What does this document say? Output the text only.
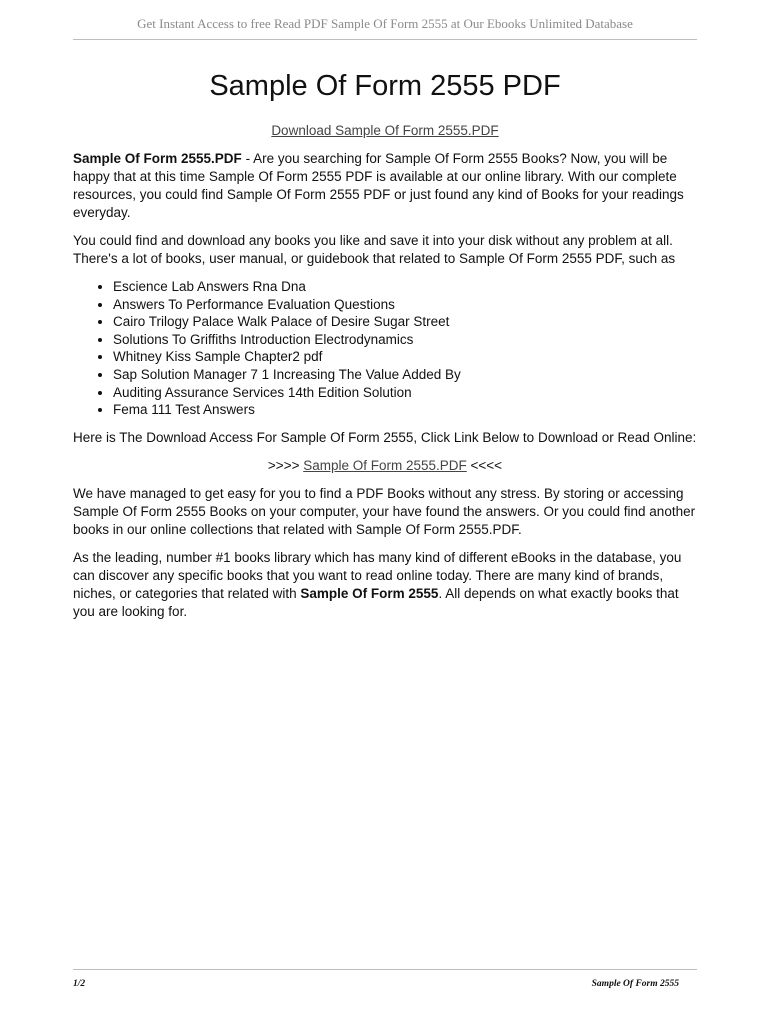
Get Instant Access to free Read PDF Sample Of Form 2555 at Our Ebooks Unlimited Database
Sample Of Form 2555 PDF
Download Sample Of Form 2555.PDF

Sample Of Form 2555.PDF - Are you searching for Sample Of Form 2555 Books? Now, you will be happy that at this time Sample Of Form 2555 PDF is available at our online library. With our complete resources, you could find Sample Of Form 2555 PDF or just found any kind of Books for your readings everyday.

You could find and download any books you like and save it into your disk without any problem at all. There's a lot of books, user manual, or guidebook that related to Sample Of Form 2555 PDF, such as

• Escience Lab Answers Rna Dna
• Answers To Performance Evaluation Questions
• Cairo Trilogy Palace Walk Palace of Desire Sugar Street
• Solutions To Griffiths Introduction Electrodynamics
• Whitney Kiss Sample Chapter2 pdf
• Sap Solution Manager 7 1 Increasing The Value Added By
• Auditing Assurance Services 14th Edition Solution
• Fema 111 Test Answers

Here is The Download Access For Sample Of Form 2555, Click Link Below to Download or Read Online:

>>>> Sample Of Form 2555.PDF <<<<

We have managed to get easy for you to find a PDF Books without any stress. By storing or accessing Sample Of Form 2555 Books on your computer, your have found the answers. Or you could find another books in our online collections that related with Sample Of Form 2555.PDF.

As the leading, number #1 books library which has many kind of different eBooks in the database, you can discover any specific books that you want to read online today. There are many kind of brands, niches, or categories that related with Sample Of Form 2555. All depends on what exactly books that you are looking for.

1/2	Sample Of Form 2555
